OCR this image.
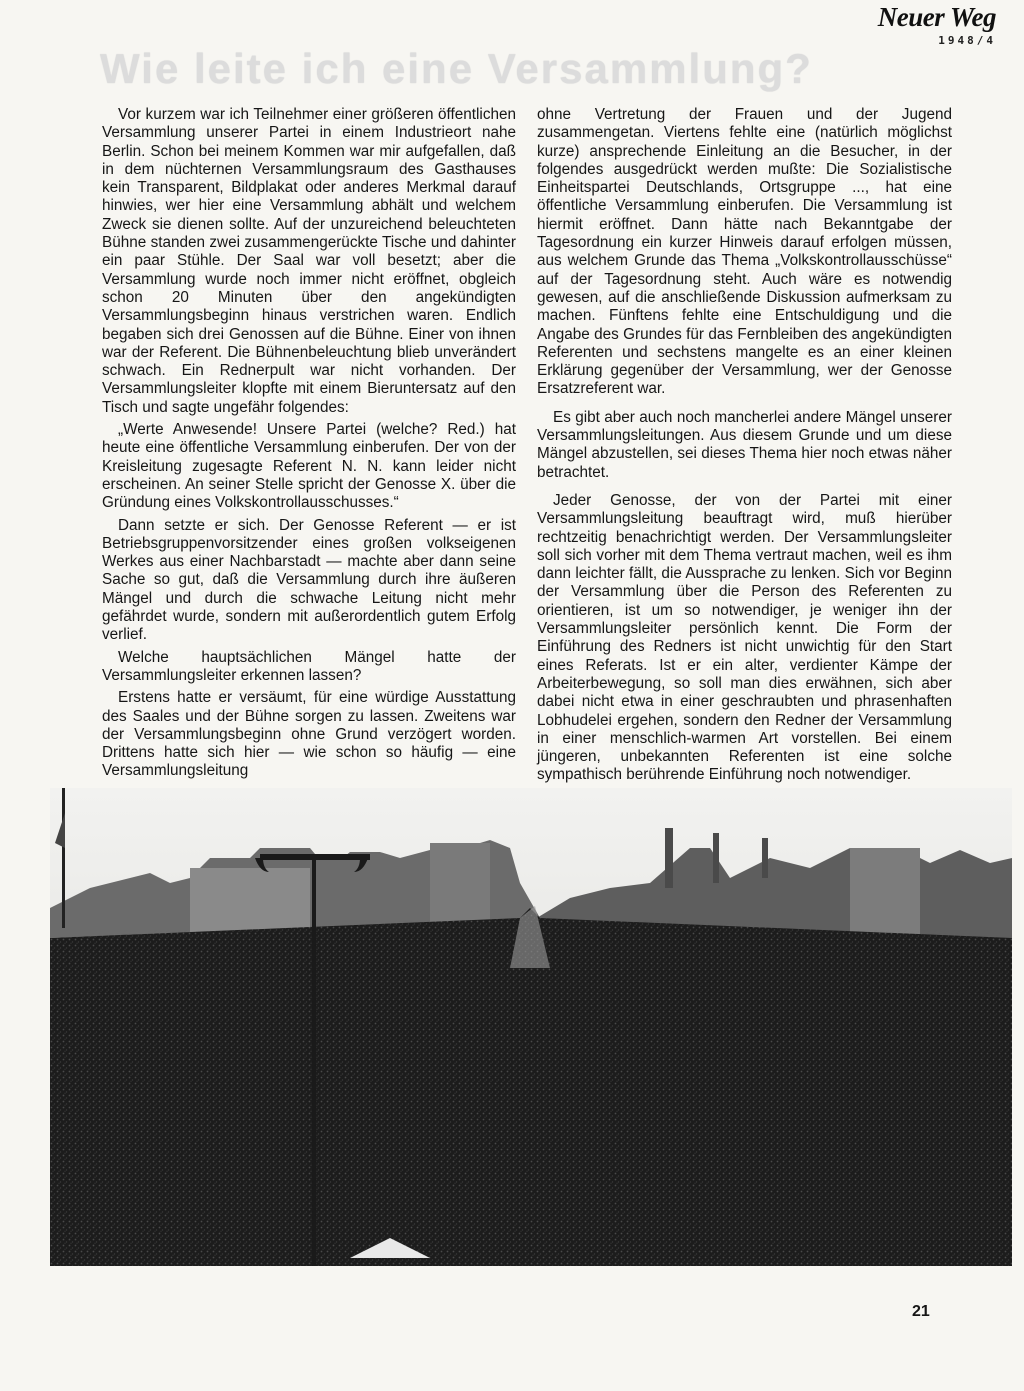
Neuer Weg
1948/4
Wie leite ich eine Versammlung?

Vor kurzem war ich Teilnehmer einer größeren öffentlichen Versammlung unserer Partei in einem Industrieort nahe Berlin. Schon bei meinem Kommen war mir aufgefallen, daß in dem nüchternen Versammlungsraum des Gasthauses kein Transparent, Bildplakat oder anderes Merkmal darauf hinwies, wer hier eine Versammlung abhält und welchem Zweck sie dienen sollte. Auf der unzureichend beleuchteten Bühne standen zwei zusammengerückte Tische und dahinter ein paar Stühle. Der Saal war voll besetzt; aber die Versammlung wurde noch immer nicht eröffnet, obgleich schon 20 Minuten über den angekündigten Versammlungsbeginn hinaus verstrichen waren. Endlich begaben sich drei Genossen auf die Bühne. Einer von ihnen war der Referent. Die Bühnenbeleuchtung blieb unverändert schwach. Ein Rednerpult war nicht vorhanden. Der Versammlungsleiter klopfte mit einem Bieruntersatz auf den Tisch und sagte ungefähr folgendes:

„Werte Anwesende! Unsere Partei (welche? Red.) hat heute eine öffentliche Versammlung einberufen. Der von der Kreisleitung zugesagte Referent N. N. kann leider nicht erscheinen. An seiner Stelle spricht der Genosse X. über die Gründung eines Volkskontrollausschusses.“

Dann setzte er sich. Der Genosse Referent — er ist Betriebsgruppenvorsitzender eines großen volkseigenen Werkes aus einer Nachbarstadt — machte aber dann seine Sache so gut, daß die Versammlung durch ihre äußeren Mängel und durch die schwache Leitung nicht mehr gefährdet wurde, sondern mit außerordentlich gutem Erfolg verlief.

Welche hauptsächlichen Mängel hatte der Versammlungsleiter erkennen lassen?

Erstens hatte er versäumt, für eine würdige Ausstattung des Saales und der Bühne sorgen zu lassen. Zweitens war der Versammlungsbeginn ohne Grund verzögert worden. Drittens hatte sich hier — wie schon so häufig — eine Versammlungsleitung

ohne Vertretung der Frauen und der Jugend zusammengetan. Viertens fehlte eine (natürlich möglichst kurze) ansprechende Einleitung an die Besucher, in der folgendes ausgedrückt werden mußte: Die Sozialistische Einheitspartei Deutschlands, Ortsgruppe ..., hat eine öffentliche Versammlung einberufen. Die Versammlung ist hiermit eröffnet. Dann hätte nach Bekanntgabe der Tagesordnung ein kurzer Hinweis darauf erfolgen müssen, aus welchem Grunde das Thema „Volkskontrollausschüsse“ auf der Tagesordnung steht. Auch wäre es notwendig gewesen, auf die anschließende Diskussion aufmerksam zu machen. Fünftens fehlte eine Entschuldigung und die Angabe des Grundes für das Fernbleiben des angekündigten Referenten und sechstens mangelte es an einer kleinen Erklärung gegenüber der Versammlung, wer der Genosse Ersatzreferent war.

Es gibt aber auch noch mancherlei andere Mängel unserer Versammlungsleitungen. Aus diesem Grunde und um diese Mängel abzustellen, sei dieses Thema hier noch etwas näher betrachtet.

Jeder Genosse, der von der Partei mit einer Versammlungsleitung beauftragt wird, muß hierüber rechtzeitig benachrichtigt werden. Der Versammlungsleiter soll sich vorher mit dem Thema vertraut machen, weil es ihm dann leichter fällt, die Aussprache zu lenken. Sich vor Beginn der Versammlung über die Person des Referenten zu orientieren, ist um so notwendiger, je weniger ihn der Versammlungsleiter persönlich kennt. Die Form der Einführung des Redners ist nicht unwichtig für den Start eines Referats. Ist er ein alter, verdienter Kämpe der Arbeiterbewegung, so soll man dies erwähnen, sich aber dabei nicht etwa in einer geschraubten und phrasenhaften Lobhudelei ergehen, sondern den Redner der Versammlung in einer menschlich-warmen Art vorstellen. Bei einem jüngeren, unbekannten Referenten ist eine solche sympathisch berührende Einführung noch notwendiger.

21
